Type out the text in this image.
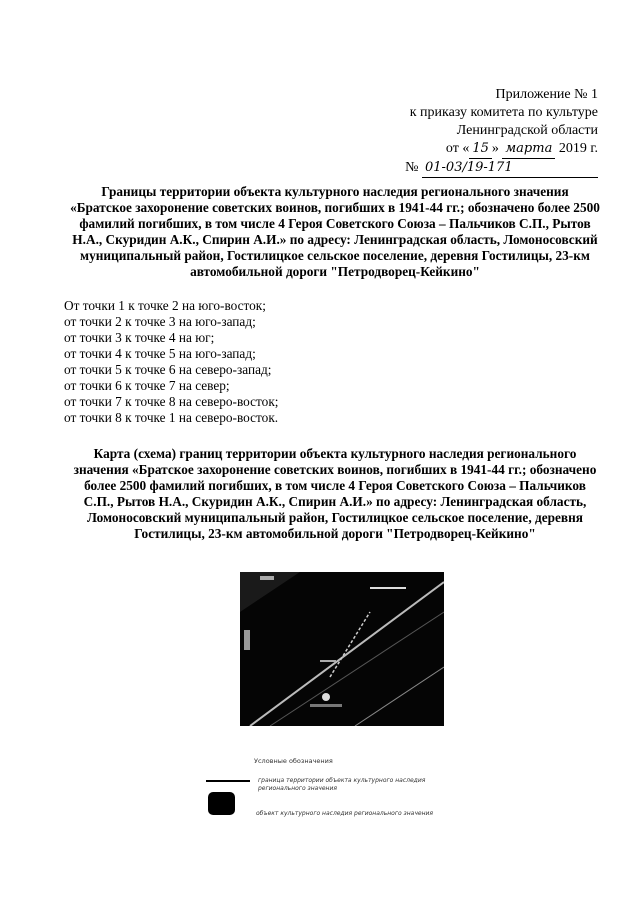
Приложение № 1
к приказу комитета по культуре
Ленинградской области
от « 15 » марта 2019 г.
№ 01-03/19-171
Границы территории объекта культурного наследия регионального значения «Братское захоронение советских воинов, погибших в 1941-44 гг.; обозначено более 2500 фамилий погибших, в том числе 4 Героя Советского Союза – Пальчиков С.П., Рытов Н.А., Скуридин А.К., Спирин А.И.» по адресу: Ленинградская область, Ломоносовский муниципальный район, Гостилицкое сельское поселение, деревня Гостилицы, 23-км автомобильной дороги "Петродворец-Кейкино"
От точки 1 к точке 2 на юго-восток;
от точки 2 к точке 3 на юго-запад;
от точки 3 к точке 4 на юг;
от точки 4 к точке 5 на юго-запад;
от точки 5 к точке 6 на северо-запад;
от точки 6 к точке 7 на север;
от точки 7 к точке 8 на северо-восток;
от точки 8 к точке 1 на северо-восток.
Карта (схема) границ территории объекта культурного наследия регионального значения «Братское захоронение советских воинов, погибших в 1941-44 гг.; обозначено более 2500 фамилий погибших, в том числе 4 Героя Советского Союза – Пальчиков С.П., Рытов Н.А., Скуридин А.К., Спирин А.И.» по адресу: Ленинградская область, Ломоносовский муниципальный район, Гостилицкое сельское поселение, деревня Гостилицы, 23-км автомобильной дороги "Петродворец-Кейкино"
Условные обозначения
граница территории объекта культурного наследия регионального значения
объект культурного наследия регионального значения
